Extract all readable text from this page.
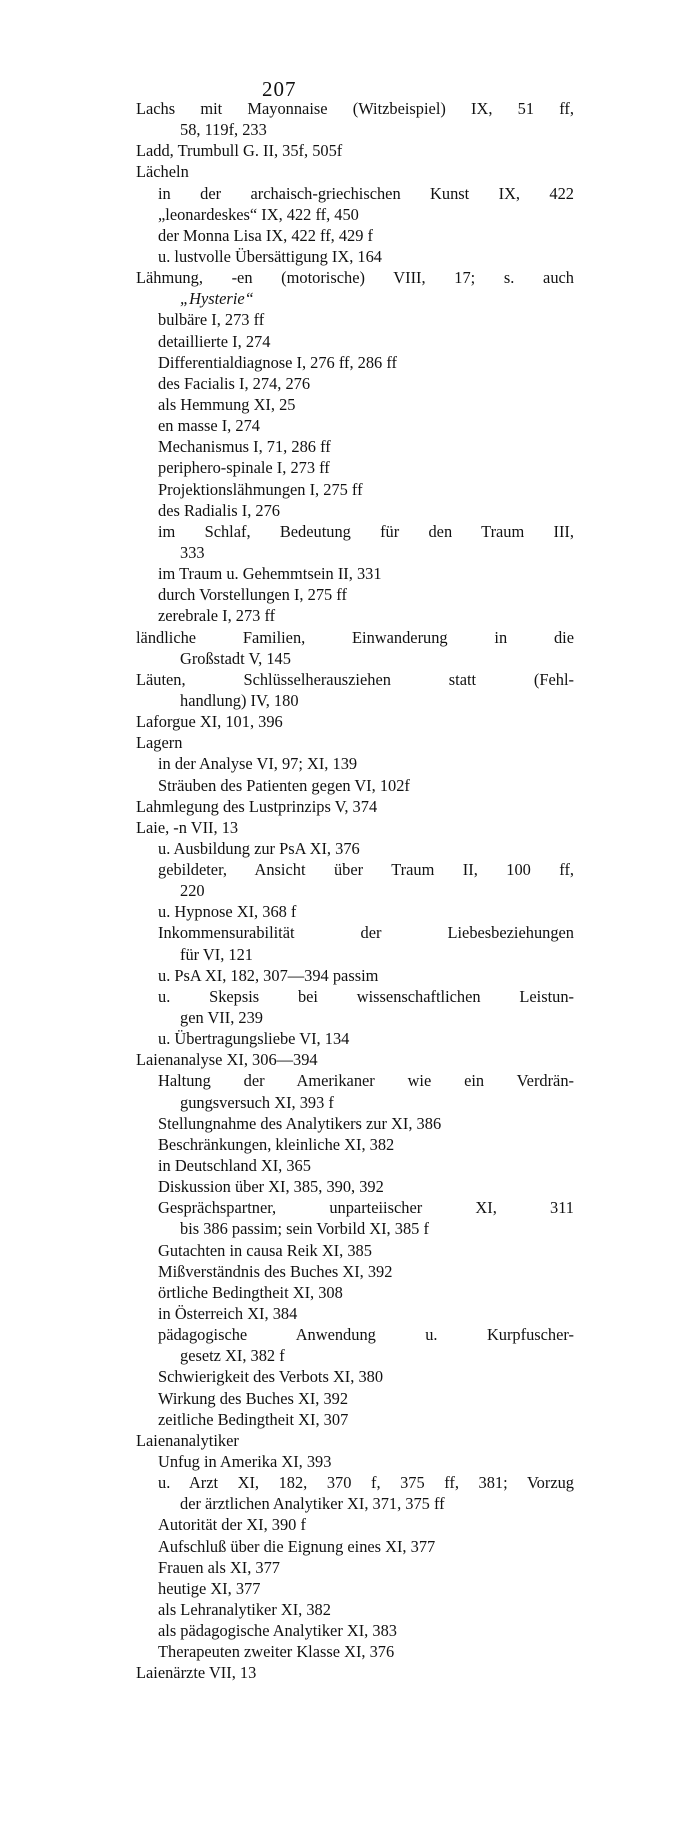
207
Lachs mit Mayonnaise (Witzbeispiel) IX, 51 ff,
58, 119f, 233
Ladd, Trumbull G. II, 35f, 505f
Lächeln
in der archaisch-griechischen Kunst IX, 422
„leonardeskes“ IX, 422 ff, 450
der Monna Lisa IX, 422 ff, 429 f
u. lustvolle Übersättigung IX, 164
Lähmung, -en (motorische) VIII, 17; s. auch
„Hysterie“
bulbäre I, 273 ff
detaillierte I, 274
Differentialdiagnose I, 276 ff, 286 ff
des Facialis I, 274, 276
als Hemmung XI, 25
en masse I, 274
Mechanismus I, 71, 286 ff
periphero-spinale I, 273 ff
Projektionslähmungen I, 275 ff
des Radialis I, 276
im Schlaf, Bedeutung für den Traum III,
333
im Traum u. Gehemmtsein II, 331
durch Vorstellungen I, 275 ff
zerebrale I, 273 ff
ländliche Familien, Einwanderung in die
Großstadt V, 145
Läuten, Schlüsselherausziehen statt (Fehl-
handlung) IV, 180
Laforgue XI, 101, 396
Lagern
in der Analyse VI, 97; XI, 139
Sträuben des Patienten gegen VI, 102f
Lahmlegung des Lustprinzips V, 374
Laie, -n VII, 13
u. Ausbildung zur PsA XI, 376
gebildeter, Ansicht über Traum II, 100 ff,
220
u. Hypnose XI, 368 f
Inkommensurabilität der Liebesbeziehungen
für VI, 121
u. PsA XI, 182, 307—394 passim
u. Skepsis bei wissenschaftlichen Leistun-
gen VII, 239
u. Übertragungsliebe VI, 134
Laienanalyse XI, 306—394
Haltung der Amerikaner wie ein Verdrän-
gungsversuch XI, 393 f
Stellungnahme des Analytikers zur XI, 386
Beschränkungen, kleinliche XI, 382
in Deutschland XI, 365
Diskussion über XI, 385, 390, 392
Gesprächspartner, unparteiischer XI, 311
bis 386 passim; sein Vorbild XI, 385 f
Gutachten in causa Reik XI, 385
Mißverständnis des Buches XI, 392
örtliche Bedingtheit XI, 308
in Österreich XI, 384
pädagogische Anwendung u. Kurpfuscher-
gesetz XI, 382 f
Schwierigkeit des Verbots XI, 380
Wirkung des Buches XI, 392
zeitliche Bedingtheit XI, 307
Laienanalytiker
Unfug in Amerika XI, 393
u. Arzt XI, 182, 370 f, 375 ff, 381; Vorzug
der ärztlichen Analytiker XI, 371, 375 ff
Autorität der XI, 390 f
Aufschluß über die Eignung eines XI, 377
Frauen als XI, 377
heutige XI, 377
als Lehranalytiker XI, 382
als pädagogische Analytiker XI, 383
Therapeuten zweiter Klasse XI, 376
Laienärzte VII, 13
